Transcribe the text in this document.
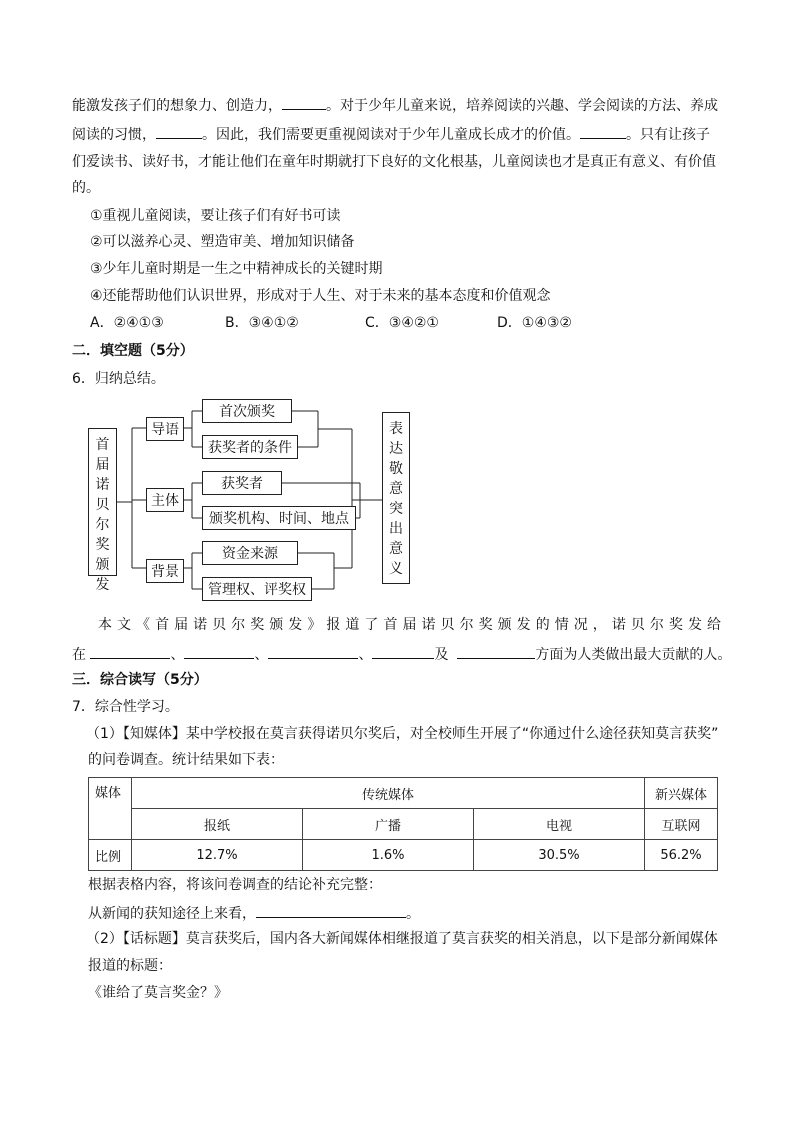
能激发孩子们的想象力、创造力，	。对于少年儿童来说，培养阅读的兴趣、学会阅读的方法、养成
阅读的习惯，	。因此，我们需要更重视阅读对于少年儿童成长成才的价值。	。只有让孩子
们爱读书、读好书，才能让他们在童年时期就打下良好的文化根基，儿童阅读也才是真正有意义、有价值
的。
①重视儿童阅读，要让孩子们有好书可读
②可以滋养心灵、塑造审美、增加知识储备
③少年儿童时期是一生之中精神成长的关键时期
④还能帮助他们认识世界，形成对于人生、对于未来的基本态度和价值观念
A．②④①③	B．③④①②	C．③④②①	D．①④③②
二．填空题（5分）
6．归纳总结。
首
届
诺
贝
尔
奖
颁
发
导语
主体
背景
首次颁奖
获奖者的条件
获奖者
颁奖机构、时间、地点
资金来源
管理权、评奖权
表
达
敬
意
突
出
意
义
本文《首届诺贝尔奖颁发》报道了首届诺贝尔奖颁发的情况，诺贝尔奖发给
在	、	、	、	及	方面为人类做出最大贡献的人。
三．综合读写（5分）
7．综合性学习。
（1）【知媒体】某中学校报在莫言获得诺贝尔奖后，对全校师生开展了“你通过什么途径获知莫言获奖”
的问卷调查。统计结果如下表：
媒体	传统媒体			新兴媒体
	报纸	广播	电视	互联网
比例	12.7%	1.6%	30.5%	56.2%
根据表格内容，将该问卷调查的结论补充完整：
从新闻的获知途径上来看，	。
（2）【话标题】莫言获奖后，国内各大新闻媒体相继报道了莫言获奖的相关消息，以下是部分新闻媒体
报道的标题：
《谁给了莫言奖金？》
